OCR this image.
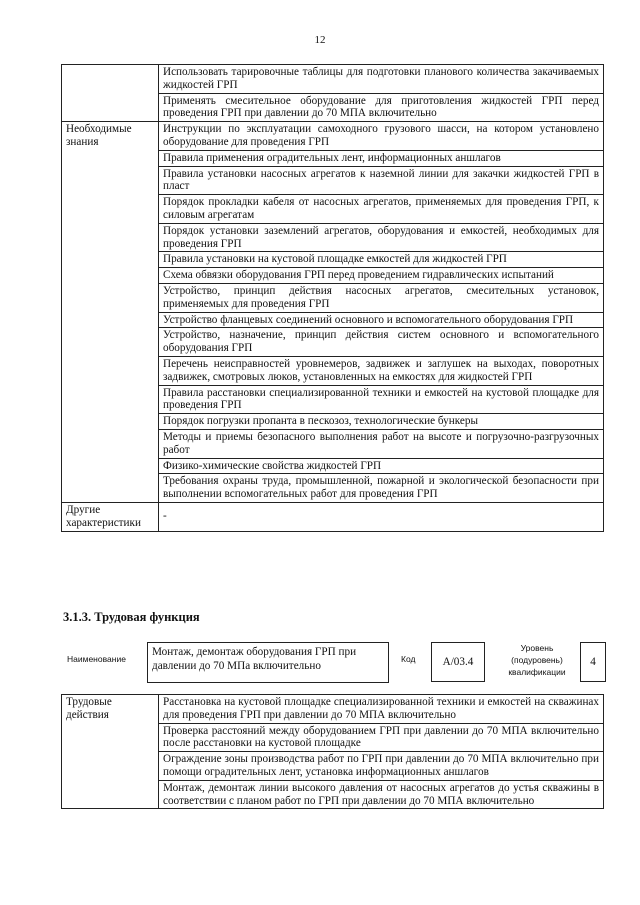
12
	Использовать тарировочные таблицы для подготовки планового количества закачиваемых жидкостей ГРП
	Применять смесительное оборудование для приготовления жидкостей ГРП перед проведения ГРП при давлении до 70 МПА включительно
Необходимые знания	Инструкции по эксплуатации самоходного грузового шасси, на котором установлено оборудование для проведения ГРП
	Правила применения оградительных лент, информационных аншлагов
	Правила установки насосных агрегатов к наземной линии для закачки жидкостей ГРП в пласт
	Порядок прокладки кабеля от насосных агрегатов, применяемых для проведения ГРП, к силовым агрегатам
	Порядок установки заземлений агрегатов, оборудования и емкостей, необходимых для проведения ГРП
	Правила установки на кустовой площадке емкостей для жидкостей ГРП
	Схема обвязки оборудования ГРП перед проведением гидравлических испытаний
	Устройство, принцип действия насосных агрегатов, смесительных установок, применяемых для проведения ГРП
	Устройство фланцевых соединений основного и вспомогательного оборудования ГРП
	Устройство, назначение, принцип действия систем основного и вспомогательного оборудования ГРП
	Перечень неисправностей уровнемеров, задвижек и заглушек на выходах, поворотных задвижек, смотровых люков, установленных на емкостях для жидкостей ГРП
	Правила расстановки специализированной техники и емкостей на кустовой площадке для проведения ГРП
	Порядок погрузки пропанта в пескозоз, технологические бункеры
	Методы и приемы безопасного выполнения работ на высоте и погрузочно-разгрузочных работ
	Физико-химические свойства жидкостей ГРП
	Требования охраны труда, промышленной, пожарной и экологической безопасности при выполнении вспомогательных работ для проведения ГРП
Другие характеристики	-
3.1.3. Трудовая функция
Наименование
Монтаж, демонтаж оборудования ГРП при давлении до 70 МПа включительно
Код	А/03.4
Уровень
(подуровень)
квалификации
4
Трудовые действия	Расстановка на кустовой площадке специализированной техники и емкостей на скважинах для проведения ГРП при давлении до 70 МПА включительно
Проверка расстояний между оборудованием ГРП при давлении до 70 МПА включительно после расстановки на кустовой площадке
Ограждение зоны производства работ по ГРП при давлении до 70 МПА включительно при помощи оградительных лент, установка информационных аншлагов
Монтаж, демонтаж линии высокого давления от насосных агрегатов до устья скважины в соответствии с планом работ по ГРП при давлении до 70 МПА включительно
